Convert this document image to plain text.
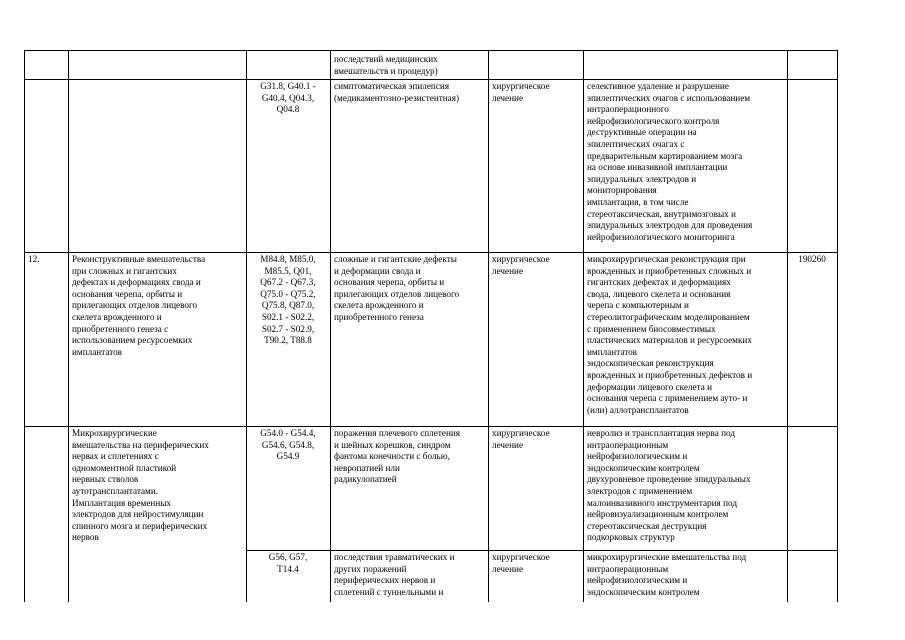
последствий медицинских
вмешательств и процедур)
G31.8, G40.1 -
G40.4, Q04.3,
Q04.8
симптоматическая эпилепсия
(медикаментозно-резистентная)
хирургическое
лечение
селективное удаление и разрушение
эпилептических очагов с использованием
интраоперационного
нейрофизиологического контроля
деструктивные операции на
эпилептических очагах с
предварительным картированием мозга
на основе инвазивной имплантации
эпидуральных электродов и
мониторирования
имплантация, в том числе
стереотаксическая, внутримозговых и
эпидуральных электродов для проведения
нейрофизиологического мониторинга
12.	Реконструктивные вмешательства
при сложных и гигантских
дефектах и деформациях свода и
основания черепа, орбиты и
прилегающих отделов лицевого
скелета врожденного и
приобретенного генеза с
использованием ресурсоемких
имплантатов
M84.8, M85.0,
M85.5, Q01,
Q67.2 - Q67.3,
Q75.0 - Q75.2,
Q75.8, Q87.0,
S02.1 - S02.2,
S02.7 - S02.9,
T90.2, T88.8
сложные и гигантские дефекты
и деформации свода и
основания черепа, орбиты и
прилегающих отделов лицевого
скелета врожденного и
приобретенного генеза
хирургическое
лечение
микрохирургическая реконструкция при
врожденных и приобретенных сложных и
гигантских дефектах и деформациях
свода, лицевого скелета и основания
черепа с компьютерным и
стереолитографическим моделированием
с применением биосовместимых
пластических материалов и ресурсоемких
имплантатов
эндоскопическая реконструкция
врожденных и приобретенных дефектов и
деформации лицевого скелета и
основания черепа с применением ауто- и
(или) аллотрансплантатов
190260
Микрохирургические
вмешательства на периферических
нервах и сплетениях с
одномоментной пластикой
нервных стволов
аутотрансплантатами.
Имплантация временных
электродов для нейростимуляции
спинного мозга и периферических
нервов
G54.0 - G54.4,
G54.6, G54.8,
G54.9
поражения плечевого сплетения
и шейных корешков, синдром
фантома конечности с болью,
невропатией или
радикулопатией
хирургическое
лечение
невролиз и трансплантация нерва под
интраоперационным
нейрофизиологическим и
эндоскопическим контролем
двухуровневое проведение эпидуральных
электродов с применением
малоинвазивного инструментария под
нейровизуализационным контролем
стереотаксическая деструкция
подкорковых структур
G56, G57,
T14.4
последствия травматических и
других поражений
периферических нервов и
сплетений с туннельными и
хирургическое
лечение
микрохирургические вмешательства под
интраоперационным
нейрофизиологическим и
эндоскопическим контролем
